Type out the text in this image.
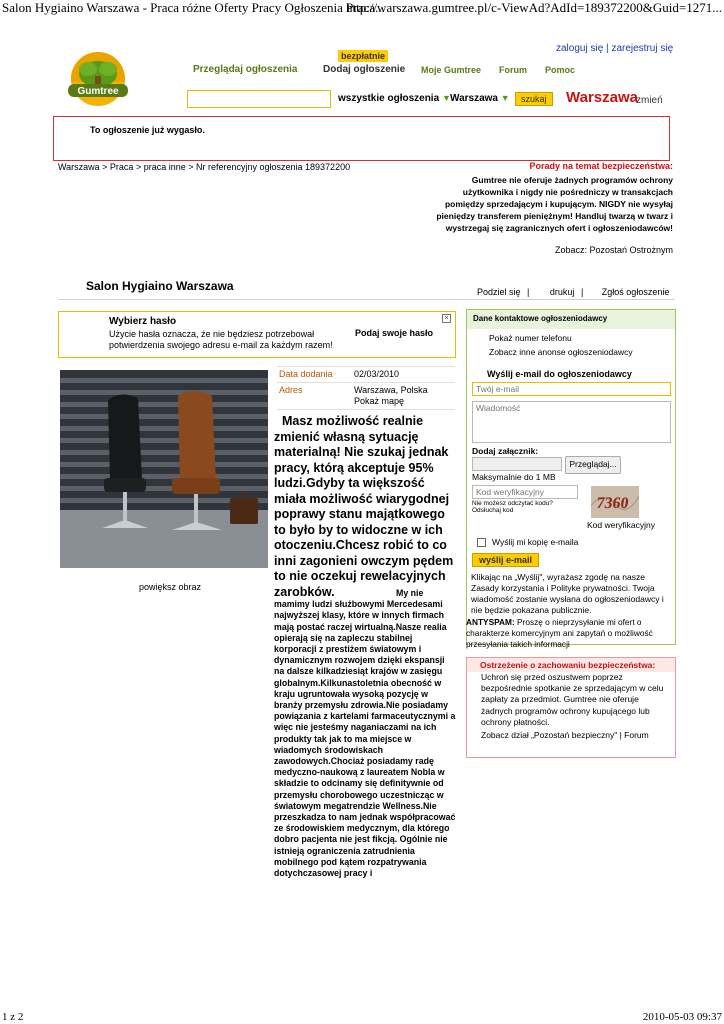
Salon Hygiaino Warszawa - Praca różne Oferty Pracy Ogłoszenia Praca...
http://warszawa.gumtree.pl/c-ViewAd?AdId=189372200&Guid=1271...
Gumtree
bezpłatnie
Przeglądaj ogłoszenia	Dodaj ogłoszenie Moje Gumtree Forum Pomoc
zaloguj się | zarejestruj się
wszystkie ogłoszenia ▼ Warszawa ▼	szukaj	Warszawa
zmień
To ogłoszenie już wygasło.
Warszawa > Praca > praca inne > Nr referencyjny ogłoszenia 189372200	Porady na temat bezpieczeństwa:
Gumtree nie oferuje żadnych programów ochrony użytkownika i nigdy nie pośredniczy w transakcjach pomiędzy sprzedającym i kupującym. NIGDY nie wysyłaj pieniędzy transferem pieniężnym! Handluj twarzą w twarz i wystrzegaj się zagranicznych ofert i ogłoszeniodawców!
Zobacz: Pozostań Ostrożnym
Salon Hygiaino Warszawa	Podziel się | drukuj | Zgłoś ogłoszenie
Wybierz hasło
Użycie hasła oznacza, że nie będziesz potrzebował potwierdzenia swojego adresu e-mail za każdym razem!
Podaj swoje hasło
×
powiększ obraz
Data dodania	02/03/2010
Adres	Warszawa, Polska
Pokaż mapę
Masz możliwość realnie zmienić własną sytuację materialną! Nie szukaj jednak pracy, którą akceptuje 95% ludzi.Gdyby ta większość miała możliwość wiarygodnej poprawy stanu majątkowego to było by to widoczne w ich otoczeniu.Chcesz robić to co inni zagonieni owczym pędem to nie oczekuj rewelacyjnych zarobków.	My nie mamimy ludzi służbowymi Mercedesami najwyższej klasy, które w innych firmach mają postać raczej wirtualną.Nasze realia opierają się na zapleczu stabilnej korporacji z prestiżem światowym i dynamicznym rozwojem dzięki ekspansji na dalsze kilkadziesiąt krajów w zasięgu globalnym.Kilkunastoletnia obecność w kraju ugruntowała wysoką pozycję w branży przemysłu zdrowia.Nie posiadamy powiązania z kartelami farmaceutycznymi a więc nie jesteśmy naganiaczami na ich produkty tak jak to ma miejsce w wiadomych środowiskach zawodowych.Chociaż posiadamy radę medyczno-naukową z laureatem Nobla w składzie to odcinamy się definitywnie od przemysłu chorobowego uczestnicząc w światowym megatrendzie Wellness.Nie przeszkadza to nam jednak współpracować ze środowiskiem medycznym, dla którego dobro pacjenta nie jest fikcją. Ogólnie nie istnieją ograniczenia zatrudnienia mobilnego pod kątem rozpatrywania dotychczasowej pracy i
Dane kontaktowe ogłoszeniodawcy
Pokaż numer telefonu
Zobacz inne anonse ogłoszeniodawcy
Wyślij e-mail do ogłoszeniodawcy
Twój e-mail
Wiadomość
Dodaj załącznik:
Przeglądaj...
Maksymalnie do 1 MB
Kod weryfikacyjny
Nie możesz odczytać kodu?
Odsłuchaj kod	7360
Kod weryfikacyjny
Wyślij mi kopię e-maila
wyślij e-mail
Klikając na „Wyślij", wyrażasz zgodę na nasze Zasady korzystania i Polityke prywatności. Twoja wiadomość zostanie wysłana do ogłoszeniodawcy i nie będzie pokazana publicznie.
ANTYSPAM: Proszę o nieprzysyłanie mi ofert o charakterze komercyjnym ani zapytań o możliwość przesyłania takich informacji
Ostrzeżenie o zachowaniu bezpieczeństwa:
Uchroń się przed oszustwem poprzez bezpośrednie spotkanie ze sprzedającym w celu zapłaty za przedmiot. Gumtree nie oferuje żadnych programów ochrony kupującego lub ochrony płatności.
Zobacz dział „Pozostań bezpieczny" | Forum
1 z 2	2010-05-03 09:37
